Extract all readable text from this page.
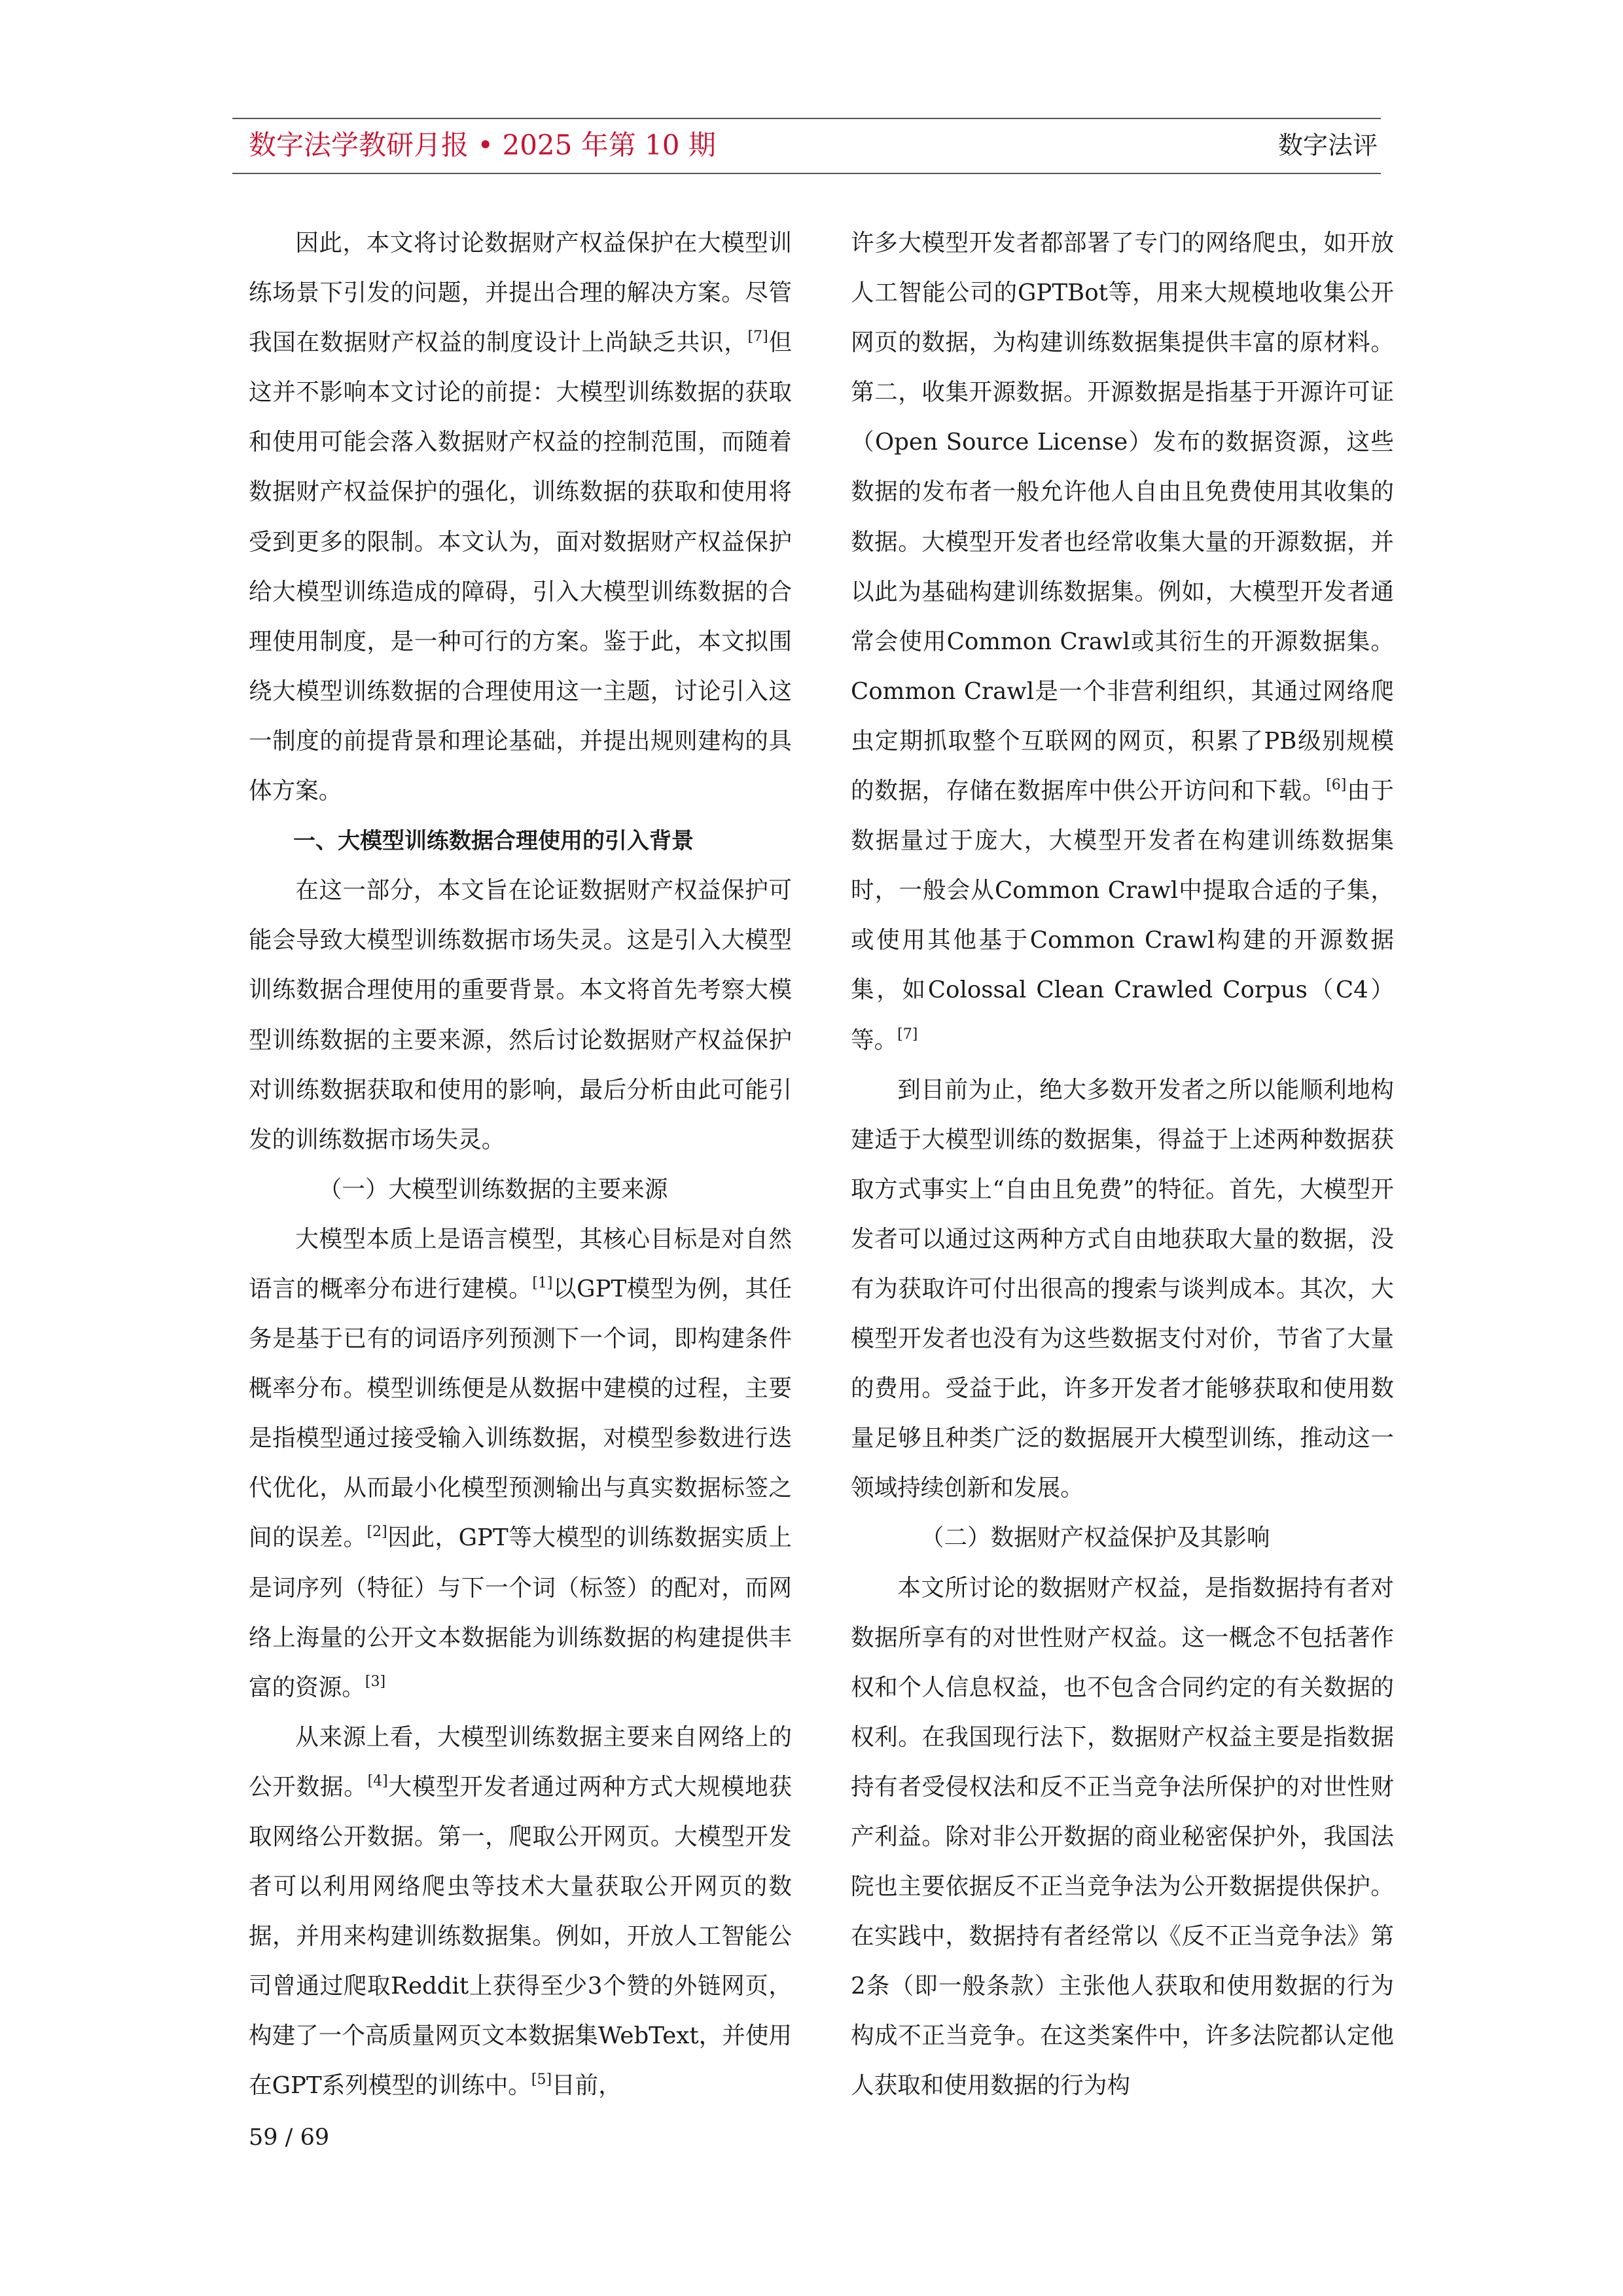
数字法学教研月报 • 2025 年第 10 期	数字法评

因此，本文将讨论数据财产权益保护在大模型训练场景下引发的问题，并提出合理的解决方案。尽管我国在数据财产权益的制度设计上尚缺乏共识，[7]但这并不影响本文讨论的前提：大模型训练数据的获取和使用可能会落入数据财产权益的控制范围，而随着数据财产权益保护的强化，训练数据的获取和使用将受到更多的限制。本文认为，面对数据财产权益保护给大模型训练造成的障碍，引入大模型训练数据的合理使用制度，是一种可行的方案。鉴于此，本文拟围绕大模型训练数据的合理使用这一主题，讨论引入这一制度的前提背景和理论基础，并提出规则建构的具体方案。

一、大模型训练数据合理使用的引入背景

在这一部分，本文旨在论证数据财产权益保护可能会导致大模型训练数据市场失灵。这是引入大模型训练数据合理使用的重要背景。本文将首先考察大模型训练数据的主要来源，然后讨论数据财产权益保护对训练数据获取和使用的影响，最后分析由此可能引发的训练数据市场失灵。

（一）大模型训练数据的主要来源

大模型本质上是语言模型，其核心目标是对自然语言的概率分布进行建模。[1]以GPT模型为例，其任务是基于已有的词语序列预测下一个词，即构建条件概率分布。模型训练便是从数据中建模的过程，主要是指模型通过接受输入训练数据，对模型参数进行迭代优化，从而最小化模型预测输出与真实数据标签之间的误差。[2]因此，GPT等大模型的训练数据实质上是词序列（特征）与下一个词（标签）的配对，而网络上海量的公开文本数据能为训练数据的构建提供丰富的资源。[3]

从来源上看，大模型训练数据主要来自网络上的公开数据。[4]大模型开发者通过两种方式大规模地获取网络公开数据。第一，爬取公开网页。大模型开发者可以利用网络爬虫等技术大量获取公开网页的数据，并用来构建训练数据集。例如，开放人工智能公司曾通过爬取Reddit上获得至少3个赞的外链网页，构建了一个高质量网页文本数据集WebText，并使用在GPT系列模型的训练中。[5]目前，

许多大模型开发者都部署了专门的网络爬虫，如开放人工智能公司的GPTBot等，用来大规模地收集公开网页的数据，为构建训练数据集提供丰富的原材料。第二，收集开源数据。开源数据是指基于开源许可证（Open Source License）发布的数据资源，这些数据的发布者一般允许他人自由且免费使用其收集的数据。大模型开发者也经常收集大量的开源数据，并以此为基础构建训练数据集。例如，大模型开发者通常会使用Common Crawl或其衍生的开源数据集。Common Crawl是一个非营利组织，其通过网络爬虫定期抓取整个互联网的网页，积累了PB级别规模的数据，存储在数据库中供公开访问和下载。[6]由于数据量过于庞大，大模型开发者在构建训练数据集时，一般会从Common Crawl中提取合适的子集，或使用其他基于Common Crawl构建的开源数据集，如Colossal Clean Crawled Corpus（C4）等。[7]

到目前为止，绝大多数开发者之所以能顺利地构建适于大模型训练的数据集，得益于上述两种数据获取方式事实上“自由且免费”的特征。首先，大模型开发者可以通过这两种方式自由地获取大量的数据，没有为获取许可付出很高的搜索与谈判成本。其次，大模型开发者也没有为这些数据支付对价，节省了大量的费用。受益于此，许多开发者才能够获取和使用数量足够且种类广泛的数据展开大模型训练，推动这一领域持续创新和发展。

（二）数据财产权益保护及其影响

本文所讨论的数据财产权益，是指数据持有者对数据所享有的对世性财产权益。这一概念不包括著作权和个人信息权益，也不包含合同约定的有关数据的权利。在我国现行法下，数据财产权益主要是指数据持有者受侵权法和反不正当竞争法所保护的对世性财产利益。除对非公开数据的商业秘密保护外，我国法院也主要依据反不正当竞争法为公开数据提供保护。在实践中，数据持有者经常以《反不正当竞争法》第2条（即一般条款）主张他人获取和使用数据的行为构成不正当竞争。在这类案件中，许多法院都认定他人获取和使用数据的行为构

59 / 69
